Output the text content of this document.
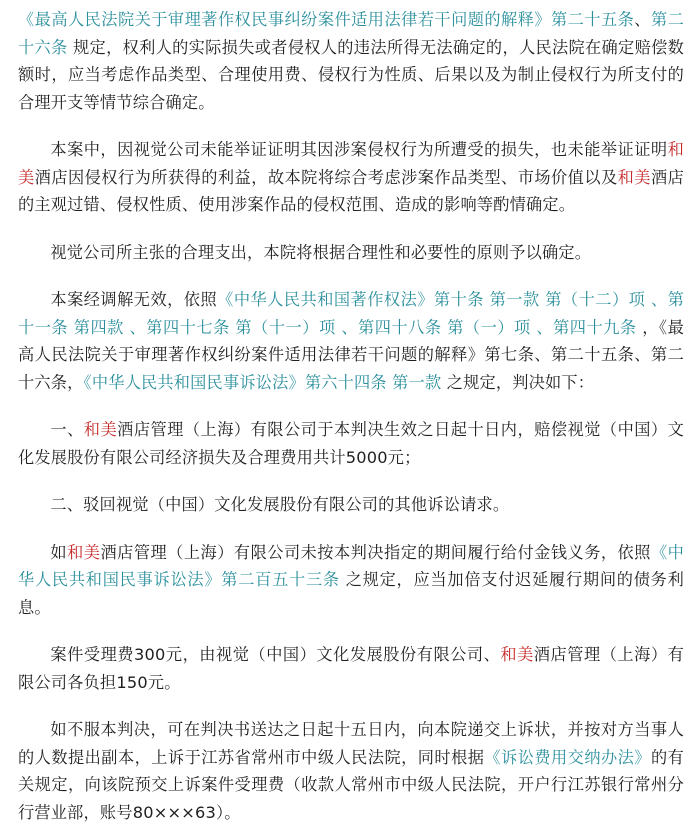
《最高人民法院关于审理著作权民事纠纷案件适用法律若干问题的解释》第二十五条、第二十六条 规定，权利人的实际损失或者侵权人的违法所得无法确定的，人民法院在确定赔偿数额时，应当考虑作品类型、合理使用费、侵权行为性质、后果以及为制止侵权行为所支付的合理开支等情节综合确定。

本案中，因视觉公司未能举证证明其因涉案侵权行为所遭受的损失，也未能举证证明和美酒店因侵权行为所获得的利益，故本院将综合考虑涉案作品类型、市场价值以及和美酒店的主观过错、侵权性质、使用涉案作品的侵权范围、造成的影响等酌情确定。

视觉公司所主张的合理支出，本院将根据合理性和必要性的原则予以确定。

本案经调解无效，依照《中华人民共和国著作权法》第十条 第一款 第（十二）项 、第十一条 第四款 、第四十七条 第（十一）项 、第四十八条 第（一）项 、第四十九条 ，《最高人民法院关于审理著作权纠纷案件适用法律若干问题的解释》第七条、第二十五条、第二十六条，《中华人民共和国民事诉讼法》第六十四条 第一款 之规定，判决如下：

一、和美酒店管理（上海）有限公司于本判决生效之日起十日内，赔偿视觉（中国）文化发展股份有限公司经济损失及合理费用共计5000元；

二、驳回视觉（中国）文化发展股份有限公司的其他诉讼请求。

如和美酒店管理（上海）有限公司未按本判决指定的期间履行给付金钱义务，依照《中华人民共和国民事诉讼法》第二百五十三条 之规定，应当加倍支付迟延履行期间的债务利息。

案件受理费300元，由视觉（中国）文化发展股份有限公司、和美酒店管理（上海）有限公司各负担150元。

如不服本判决，可在判决书送达之日起十五日内，向本院递交上诉状，并按对方当事人的人数提出副本，上诉于江苏省常州市中级人民法院，同时根据《诉讼费用交纳办法》的有关规定，向该院预交上诉案件受理费（收款人常州市中级人民法院，开户行江苏银行常州分行营业部，账号80×××63）。
